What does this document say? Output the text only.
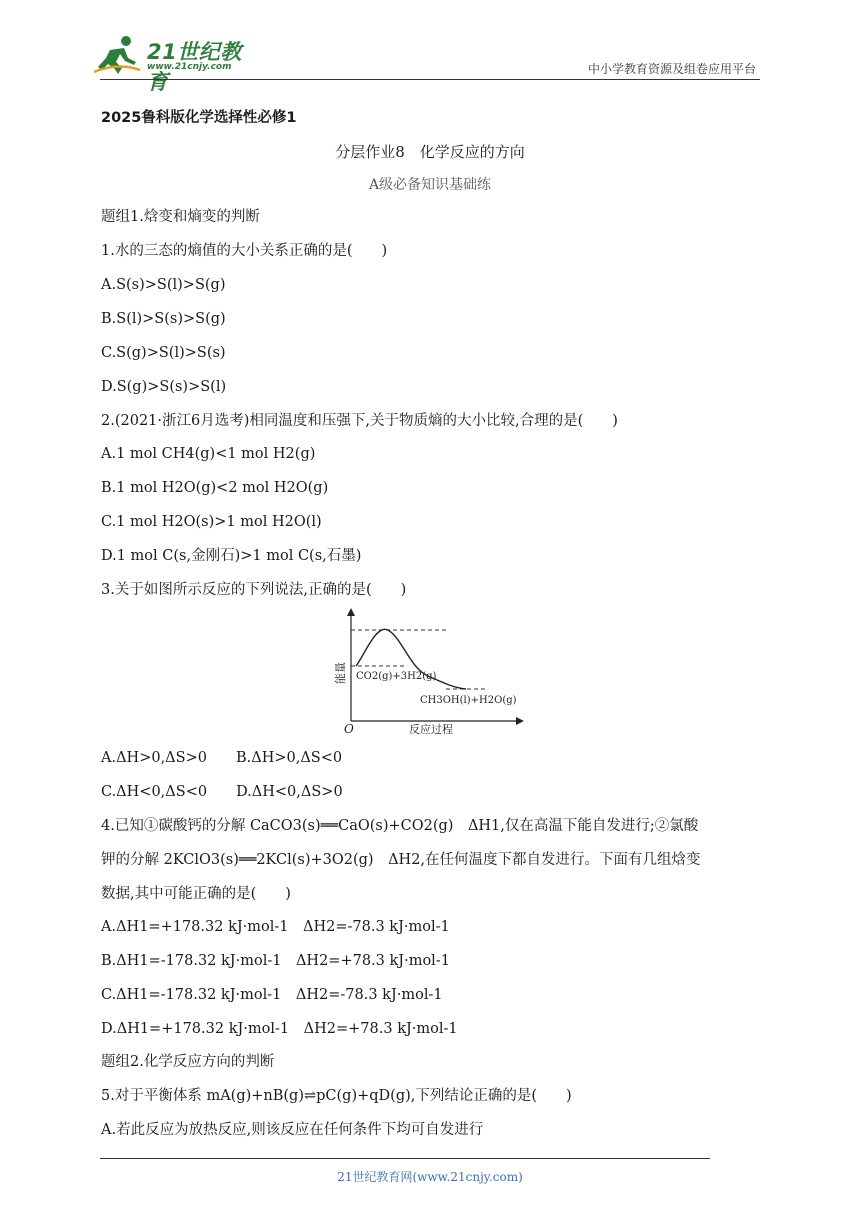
21世纪教育
www.21cnjy.com	中小学教育资源及组卷应用平台
2025鲁科版化学选择性必修1
分层作业8　化学反应的方向
A级必备知识基础练
题组1.焓变和熵变的判断
1.水的三态的熵值的大小关系正确的是(　　)
A.S(s)>S(l)>S(g)
B.S(l)>S(s)>S(g)
C.S(g)>S(l)>S(s)
D.S(g)>S(s)>S(l)
2.(2021·浙江6月选考)相同温度和压强下,关于物质熵的大小比较,合理的是(　　)
A.1 mol CH4(g)<1 mol H2(g)
B.1 mol H2O(g)<2 mol H2O(g)
C.1 mol H2O(s)>1 mol H2O(l)
D.1 mol C(s,金刚石)>1 mol C(s,石墨)
3.关于如图所示反应的下列说法,正确的是(　　)
能量
反应过程
O
CO2(g)+3H2(g)
CH3OH(l)+H2O(g)
A.ΔH>0,ΔS>0　　B.ΔH>0,ΔS<0
C.ΔH<0,ΔS<0　　D.ΔH<0,ΔS>0
4.已知①碳酸钙的分解 CaCO3(s)══CaO(s)+CO2(g)　ΔH1,仅在高温下能自发进行;②氯酸
钾的分解 2KClO3(s)══2KCl(s)+3O2(g)　ΔH2,在任何温度下都自发进行。下面有几组焓变
数据,其中可能正确的是(　　)
A.ΔH1=+178.32 kJ·mol-1　ΔH2=-78.3 kJ·mol-1
B.ΔH1=-178.32 kJ·mol-1　ΔH2=+78.3 kJ·mol-1
C.ΔH1=-178.32 kJ·mol-1　ΔH2=-78.3 kJ·mol-1
D.ΔH1=+178.32 kJ·mol-1　ΔH2=+78.3 kJ·mol-1
题组2.化学反应方向的判断
5.对于平衡体系 mA(g)+nB(g)⇌pC(g)+qD(g),下列结论正确的是(　　)
A.若此反应为放热反应,则该反应在任何条件下均可自发进行
21世纪教育网(www.21cnjy.com)
